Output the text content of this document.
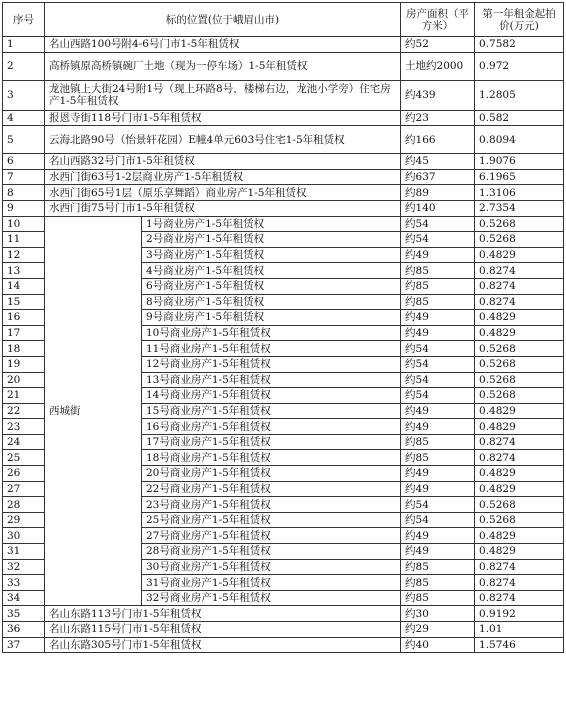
序号	标的位置(位于峨眉山市)		房产面积（平方米）	第一年租金起拍价(万元)
1	名山西路100号附4-6号门市1-5年租赁权		约52	0.7582
2	高桥镇原高桥镇碗厂土地（现为一停车场）1-5年租赁权		土地约2000	0.972
3	龙池镇上大街24号附1号（现上环路8号，楼梯右边，龙池小学旁）住宅房产1-5年租赁权		约439	1.2805
4	报恩寺街118号门市1-5年租赁权		约23	0.582
5	云海北路90号（怡景轩花园）E幢4单元603号住宅1-5年租赁权		约166	0.8094
6	名山西路32号门市1-5年租赁权		约45	1.9076
7	水西门街63号1-2层商业房产1-5年租赁权		约637	6.1965
8	水西门街65号1层（原乐享舞蹈）商业房产1-5年租赁权		约89	1.3106
9	水西门街75号门市1-5年租赁权		约140	2.7354
10	西城街	1号商业房产1-5年租赁权	约54	0.5268
11		2号商业房产1-5年租赁权	约54	0.5268
12		3号商业房产1-5年租赁权	约49	0.4829
13		4号商业房产1-5年租赁权	约85	0.8274
14		6号商业房产1-5年租赁权	约85	0.8274
15		8号商业房产1-5年租赁权	约85	0.8274
16		9号商业房产1-5年租赁权	约49	0.4829
17		10号商业房产1-5年租赁权	约49	0.4829
18		11号商业房产1-5年租赁权	约54	0.5268
19		12号商业房产1-5年租赁权	约54	0.5268
20		13号商业房产1-5年租赁权	约54	0.5268
21		14号商业房产1-5年租赁权	约54	0.5268
22		15号商业房产1-5年租赁权	约49	0.4829
23		16号商业房产1-5年租赁权	约49	0.4829
24		17号商业房产1-5年租赁权	约85	0.8274
25		18号商业房产1-5年租赁权	约85	0.8274
26		20号商业房产1-5年租赁权	约49	0.4829
27		22号商业房产1-5年租赁权	约49	0.4829
28		23号商业房产1-5年租赁权	约54	0.5268
29		25号商业房产1-5年租赁权	约54	0.5268
30		27号商业房产1-5年租赁权	约49	0.4829
31		28号商业房产1-5年租赁权	约49	0.4829
32		30号商业房产1-5年租赁权	约85	0.8274
33		31号商业房产1-5年租赁权	约85	0.8274
34		32号商业房产1-5年租赁权	约85	0.8274
35	名山东路113号门市1-5年租赁权		约30	0.9192
36	名山东路115号门市1-5年租赁权		约29	1.01
37	名山东路305号门市1-5年租赁权		约40	1.5746
